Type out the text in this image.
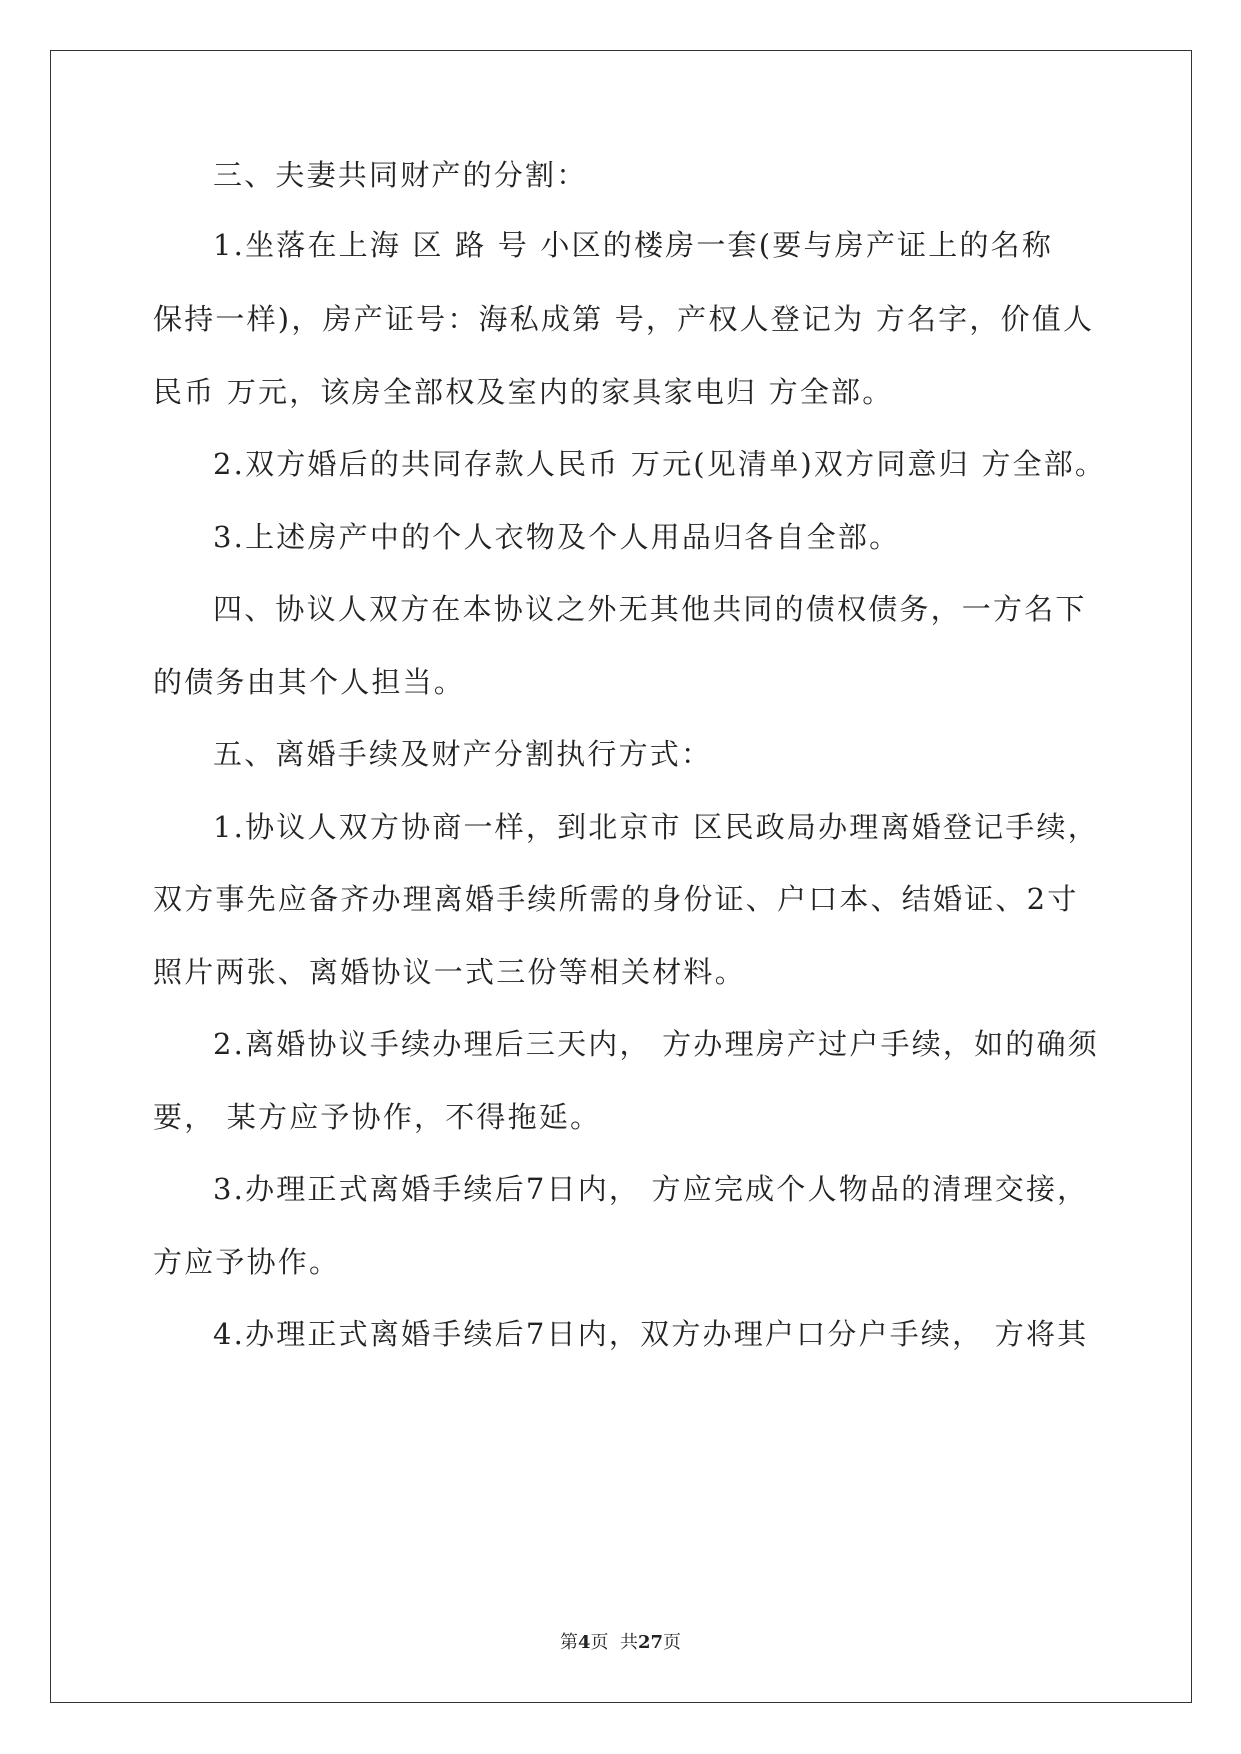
三、夫妻共同财产的分割：
1.坐落在上海 区 路 号 小区的楼房一套(要与房产证上的名称
保持一样)，房产证号：海私成第 号，产权人登记为 方名字，价值人
民币 万元，该房全部权及室内的家具家电归 方全部。
2.双方婚后的共同存款人民币 万元(见清单)双方同意归 方全部。
3.上述房产中的个人衣物及个人用品归各自全部。
四、协议人双方在本协议之外无其他共同的债权债务，一方名下
的债务由其个人担当。
五、离婚手续及财产分割执行方式：
1.协议人双方协商一样，到北京市 区民政局办理离婚登记手续，
双方事先应备齐办理离婚手续所需的身份证、户口本、结婚证、2寸
照片两张、离婚协议一式三份等相关材料。
2.离婚协议手续办理后三天内， 方办理房产过户手续，如的确须
要， 某方应予协作，不得拖延。
3.办理正式离婚手续后7日内， 方应完成个人物品的清理交接，
方应予协作。
4.办理正式离婚手续后7日内，双方办理户口分户手续， 方将其
第4页  共27页
